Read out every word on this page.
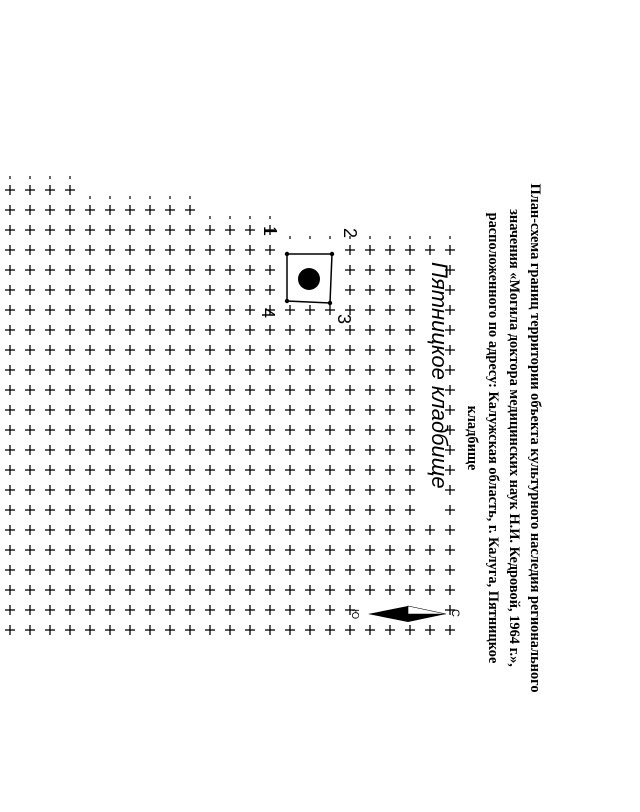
План-схема границ территории объекта культурного наследия регионального
значения «Могила доктора медицинских наук Н.И. Кедровой, 1964 г.»,
расположенного по адресу: Калужская область, г. Калуга, Пятницкое
кладбище
Пятницкое кладбище
1	2
3
4
С
Ю
